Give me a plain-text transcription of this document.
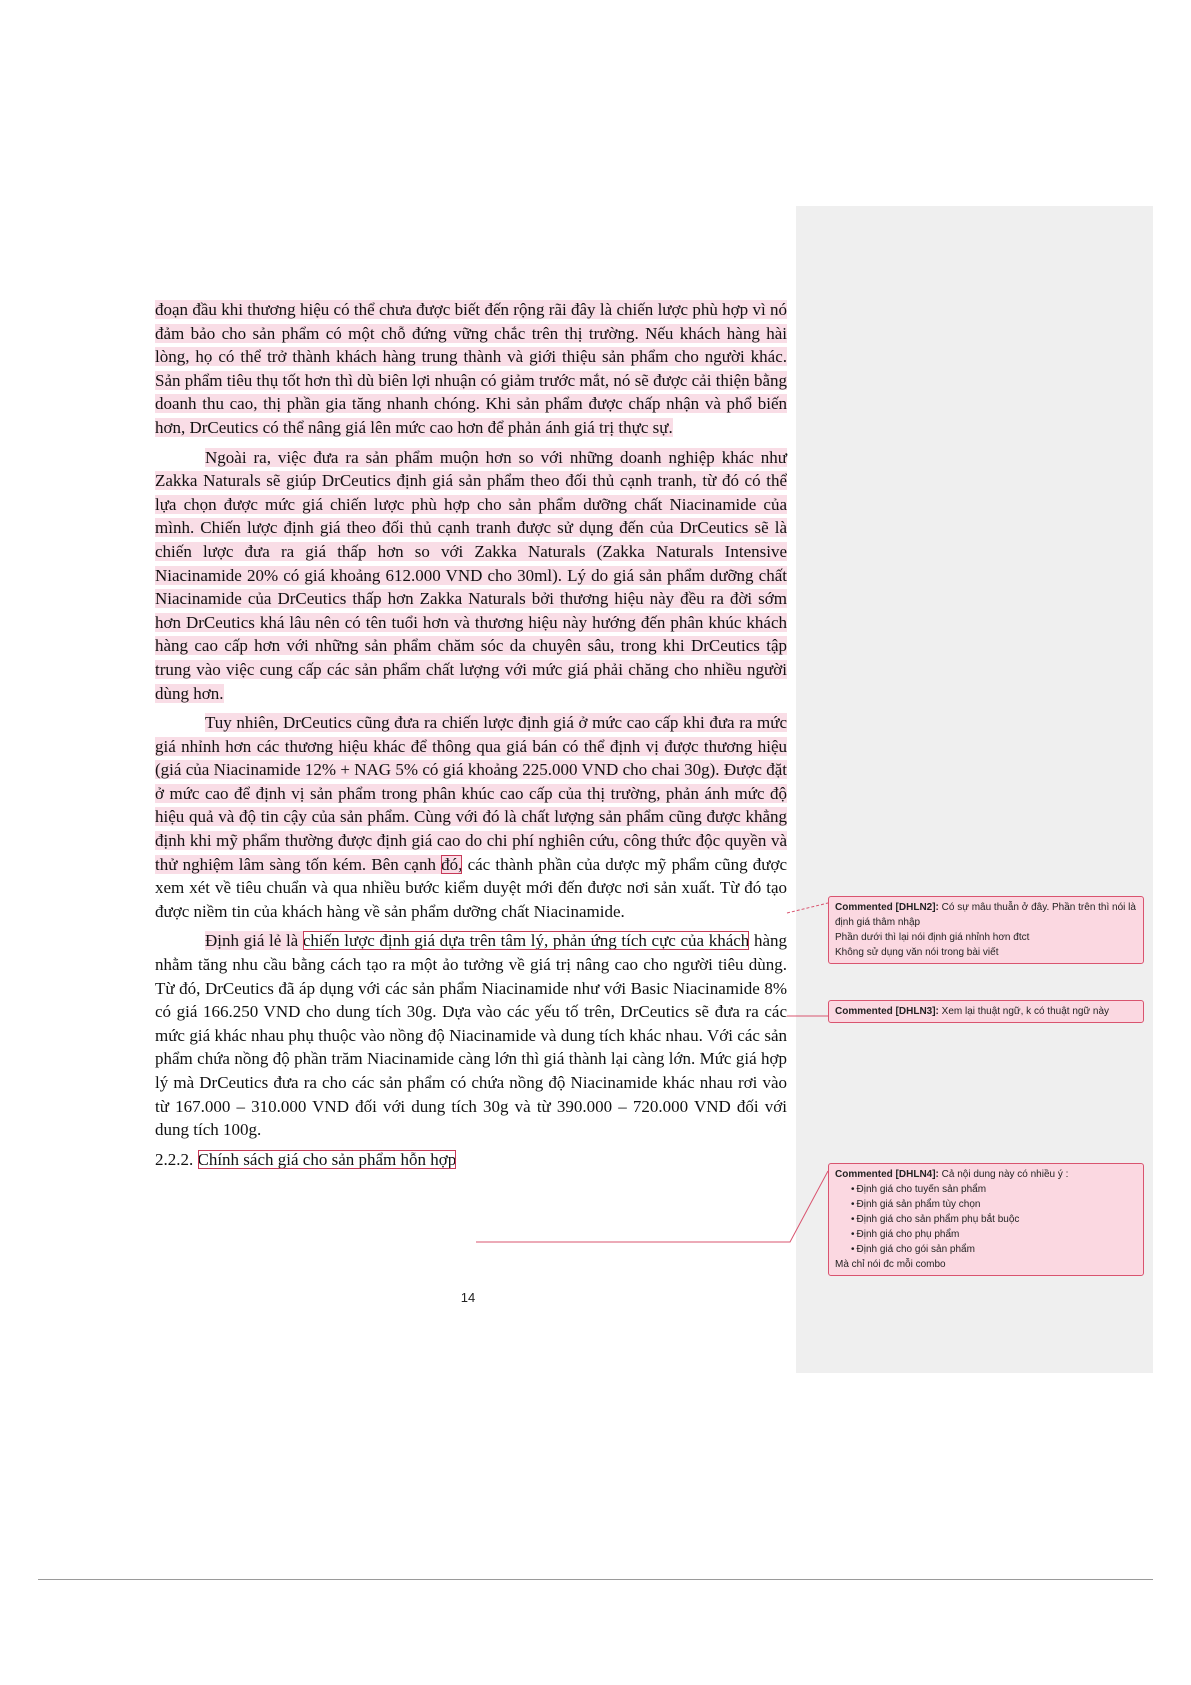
đoạn đầu khi thương hiệu có thể chưa được biết đến rộng rãi đây là chiến lược phù hợp vì nó đảm bảo cho sản phẩm có một chỗ đứng vững chắc trên thị trường. Nếu khách hàng hài lòng, họ có thể trở thành khách hàng trung thành và giới thiệu sản phẩm cho người khác. Sản phẩm tiêu thụ tốt hơn thì dù biên lợi nhuận có giảm trước mắt, nó sẽ được cải thiện bằng doanh thu cao, thị phần gia tăng nhanh chóng. Khi sản phẩm được chấp nhận và phổ biến hơn, DrCeutics có thể nâng giá lên mức cao hơn để phản ánh giá trị thực sự.

Ngoài ra, việc đưa ra sản phẩm muộn hơn so với những doanh nghiệp khác như Zakka Naturals sẽ giúp DrCeutics định giá sản phẩm theo đối thủ cạnh tranh, từ đó có thể lựa chọn được mức giá chiến lược phù hợp cho sản phẩm dưỡng chất Niacinamide của mình. Chiến lược định giá theo đối thủ cạnh tranh được sử dụng đến của DrCeutics sẽ là chiến lược đưa ra giá thấp hơn so với Zakka Naturals (Zakka Naturals Intensive Niacinamide 20% có giá khoảng 612.000 VND cho 30ml). Lý do giá sản phẩm dưỡng chất Niacinamide của DrCeutics thấp hơn Zakka Naturals bởi thương hiệu này đều ra đời sớm hơn DrCeutics khá lâu nên có tên tuổi hơn và thương hiệu này hướng đến phân khúc khách hàng cao cấp hơn với những sản phẩm chăm sóc da chuyên sâu, trong khi DrCeutics tập trung vào việc cung cấp các sản phẩm chất lượng với mức giá phải chăng cho nhiều người dùng hơn.

Tuy nhiên, DrCeutics cũng đưa ra chiến lược định giá ở mức cao cấp khi đưa ra mức giá nhỉnh hơn các thương hiệu khác để thông qua giá bán có thể định vị được thương hiệu (giá của Niacinamide 12% + NAG 5% có giá khoảng 225.000 VND cho chai 30g). Được đặt ở mức cao để định vị sản phẩm trong phân khúc cao cấp của thị trường, phản ánh mức độ hiệu quả và độ tin cậy của sản phẩm. Cùng với đó là chất lượng sản phẩm cũng được khẳng định khi mỹ phẩm thường được định giá cao do chi phí nghiên cứu, công thức độc quyền và thử nghiệm lâm sàng tốn kém. Bên cạnh đó, các thành phần của dược mỹ phẩm cũng được xem xét về tiêu chuẩn và qua nhiều bước kiểm duyệt mới đến được nơi sản xuất. Từ đó tạo được niềm tin của khách hàng về sản phẩm dưỡng chất Niacinamide.

Định giá lẻ là chiến lược định giá dựa trên tâm lý, phản ứng tích cực của khách hàng nhằm tăng nhu cầu bằng cách tạo ra một ảo tưởng về giá trị nâng cao cho người tiêu dùng. Từ đó, DrCeutics đã áp dụng với các sản phẩm Niacinamide như với Basic Niacinamide 8% có giá 166.250 VND cho dung tích 30g. Dựa vào các yếu tố trên, DrCeutics sẽ đưa ra các mức giá khác nhau phụ thuộc vào nồng độ Niacinamide và dung tích khác nhau. Với các sản phẩm chứa nồng độ phần trăm Niacinamide càng lớn thì giá thành lại càng lớn. Mức giá hợp lý mà DrCeutics đưa ra cho các sản phẩm có chứa nồng độ Niacinamide khác nhau rơi vào từ 167.000 – 310.000 VND đối với dung tích 30g và từ 390.000 – 720.000 VND đối với dung tích 100g.

2.2.2. Chính sách giá cho sản phẩm hỗn hợp

Commented [DHLN2]: Có sự mâu thuẫn ở đây. Phần trên thì nói là định giá thâm nhập
Phần dưới thì lại nói định giá nhỉnh hơn đtct
Không sử dụng văn nói trong bài viết
Commented [DHLN3]: Xem lại thuật ngữ, k có thuật ngữ này
Commented [DHLN4]: Cả nội dung này có nhiều ý :
• Định giá cho tuyến sản phẩm
• Định giá sản phẩm tùy chọn
• Định giá cho sản phẩm phụ bắt buộc
• Định giá cho phụ phẩm
• Định giá cho gói sản phẩm
Mà chỉ nói đc mỗi combo
14
